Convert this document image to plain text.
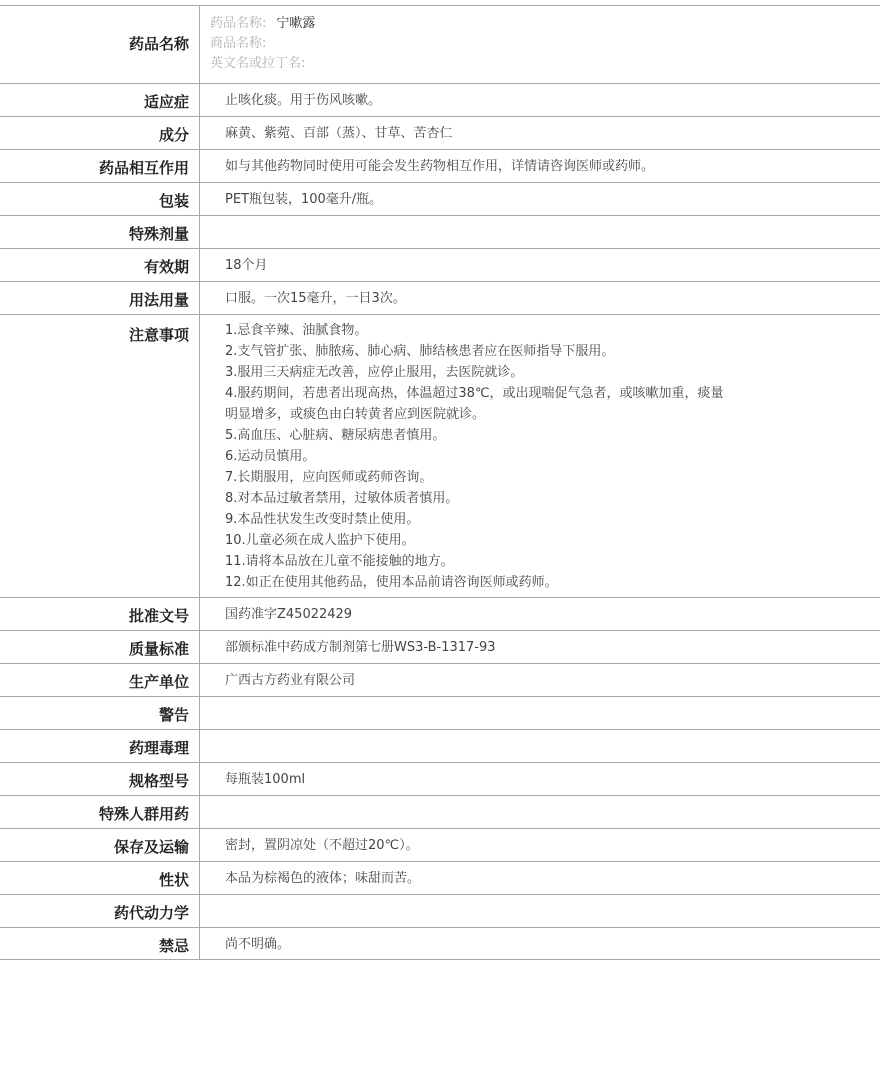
药品名称
药品名称: 宁嗽露
商品名称:
英文名或拉丁名:
适应症	止咳化痰。用于伤风咳嗽。
成分	麻黄、紫菀、百部（蒸）、甘草、苦杏仁
药品相互作用	如与其他药物同时使用可能会发生药物相互作用，详情请咨询医师或药师。
包装	PET瓶包装，100毫升/瓶。
特殊剂量
有效期	18个月
用法用量	口服。一次15毫升，一日3次。
注意事项	1.忌食辛辣、油腻食物。
2.支气管扩张、肺脓疡、肺心病、肺结核患者应在医师指导下服用。
3.服用三天病症无改善，应停止服用，去医院就诊。
4.服药期间，若患者出现高热，体温超过38℃，或出现喘促气急者，或咳嗽加重，痰量
明显增多，或痰色由白转黄者应到医院就诊。
5.高血压、心脏病、糖尿病患者慎用。
6.运动员慎用。
7.长期服用，应向医师或药师咨询。
8.对本品过敏者禁用，过敏体质者慎用。
9.本品性状发生改变时禁止使用。
10.儿童必须在成人监护下使用。
11.请将本品放在儿童不能接触的地方。
12.如正在使用其他药品，使用本品前请咨询医师或药师。
批准文号	国药准字Z45022429
质量标准	部颁标准中药成方制剂第七册WS3-B-1317-93
生产单位	广西古方药业有限公司
警告
药理毒理
规格型号	每瓶装100ml
特殊人群用药
保存及运输	密封，置阴凉处（不超过20℃）。
性状	本品为棕褐色的液体；味甜而苦。
药代动力学
禁忌	尚不明确。
